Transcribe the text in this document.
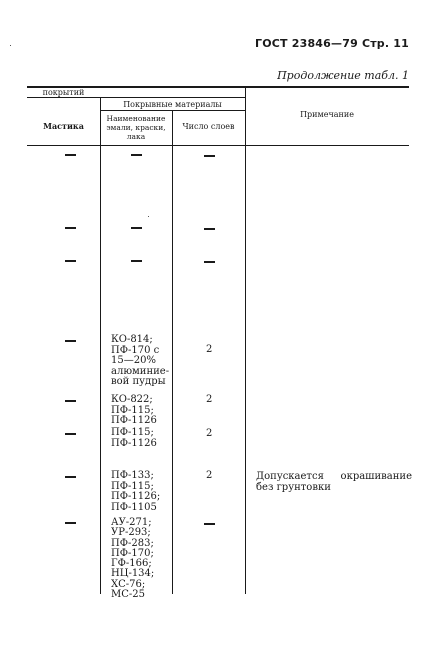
ГОСТ 23846—79 Стр. 11
Продолжение табл. 1
покрытий
Мастика
Покрывные материалы
Наименование эмали, краски, лака
Число слоев
Примечание
КО-814;
ПФ-170 с
15—20%
алюминие-
вой пудры
2
КО-822;
ПФ-115;
ПФ-1126
2
ПФ-115;
ПФ-1126
2
ПФ-133;
ПФ-115;
ПФ-1126;
ПФ-1105
2	Допускается окрашивание без грунтовки
АУ-271;
УР-293;
ПФ-283;
ПФ-170;
ГФ-166;
НЦ-134;
ХС-76;
МС-25
